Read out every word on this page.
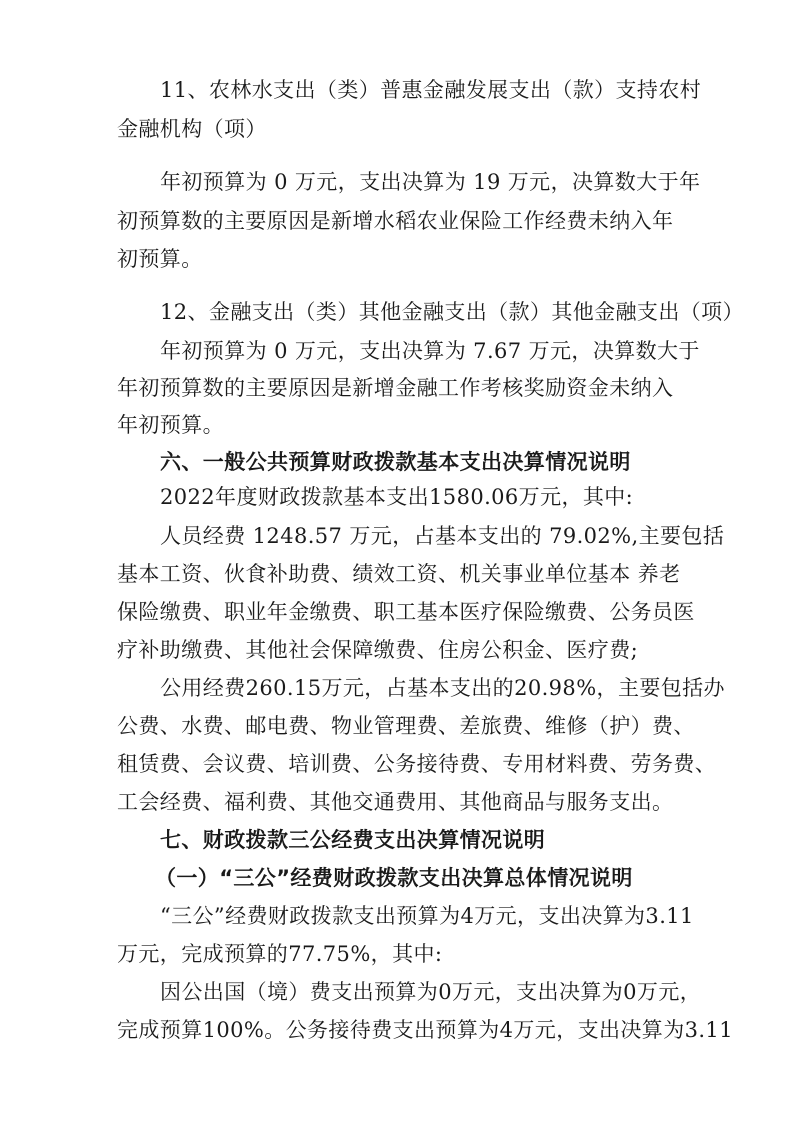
11、农林水支出（类）普惠金融发展支出（款）支持农村
金融机构（项）
年初预算为 0 万元，支出决算为 19 万元，决算数大于年
初预算数的主要原因是新增水稻农业保险工作经费未纳入年
初预算。
12、金融支出（类）其他金融支出（款）其他金融支出（项）
年初预算为 0 万元，支出决算为 7.67 万元，决算数大于
年初预算数的主要原因是新增金融工作考核奖励资金未纳入
年初预算。
六、一般公共预算财政拨款基本支出决算情况说明
2022年度财政拨款基本支出1580.06万元，其中:
人员经费 1248.57 万元，占基本支出的 79.02%,主要包括
基本工资、伙食补助费、绩效工资、机关事业单位基本 养老
保险缴费、职业年金缴费、职工基本医疗保险缴费、公务员医
疗补助缴费、其他社会保障缴费、住房公积金、医疗费;
公用经费260.15万元，占基本支出的20.98%，主要包括办
公费、水费、邮电费、物业管理费、差旅费、维修（护）费、
租赁费、会议费、培训费、公务接待费、专用材料费、劳务费、
工会经费、福利费、其他交通费用、其他商品与服务支出。
七、财政拨款三公经费支出决算情况说明
（一）“三公”经费财政拨款支出决算总体情况说明
“三公”经费财政拨款支出预算为4万元，支出决算为3.11
万元，完成预算的77.75%，其中:
因公出国（境）费支出预算为0万元，支出决算为0万元，
完成预算100%。公务接待费支出预算为4万元，支出决算为3.11
